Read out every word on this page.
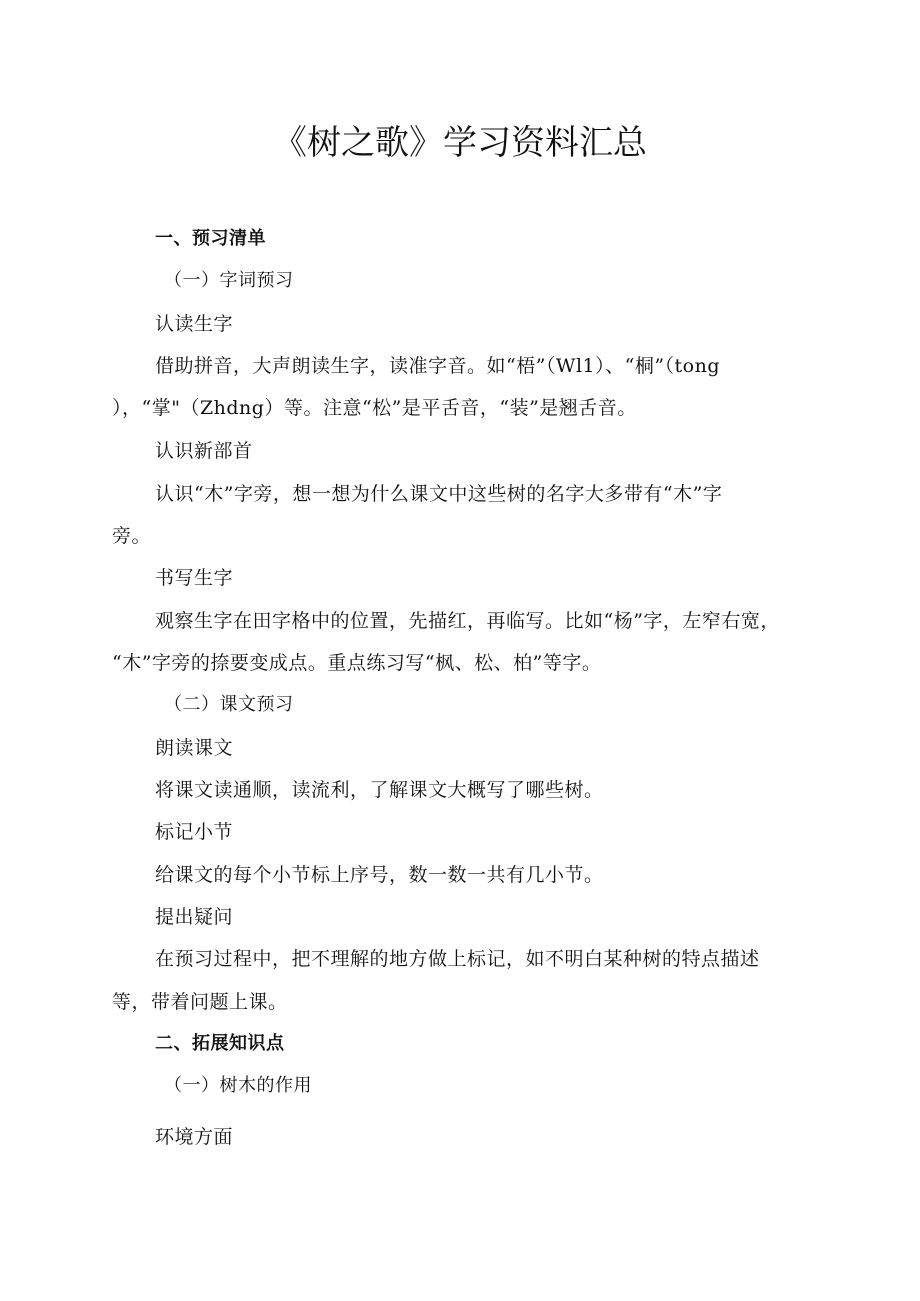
《树之歌》学习资料汇总
一、预习清单
（一）字词预习
认读生字
借助拼音，大声朗读生字，读准字音。如“梧”（Wl1）、“桐”（tong
），“掌"（Zhdng）等。注意“松”是平舌音，“装”是翘舌音。
认识新部首
认识“木”字旁，想一想为什么课文中这些树的名字大多带有“木”字
旁。
书写生字
观察生字在田字格中的位置，先描红，再临写。比如“杨”字，左窄右宽，
“木”字旁的捺要变成点。重点练习写“枫、松、柏”等字。
（二）课文预习
朗读课文
将课文读通顺，读流利，了解课文大概写了哪些树。
标记小节
给课文的每个小节标上序号，数一数一共有几小节。
提出疑问
在预习过程中，把不理解的地方做上标记，如不明白某种树的特点描述
等，带着问题上课。
二、拓展知识点
（一）树木的作用
环境方面
